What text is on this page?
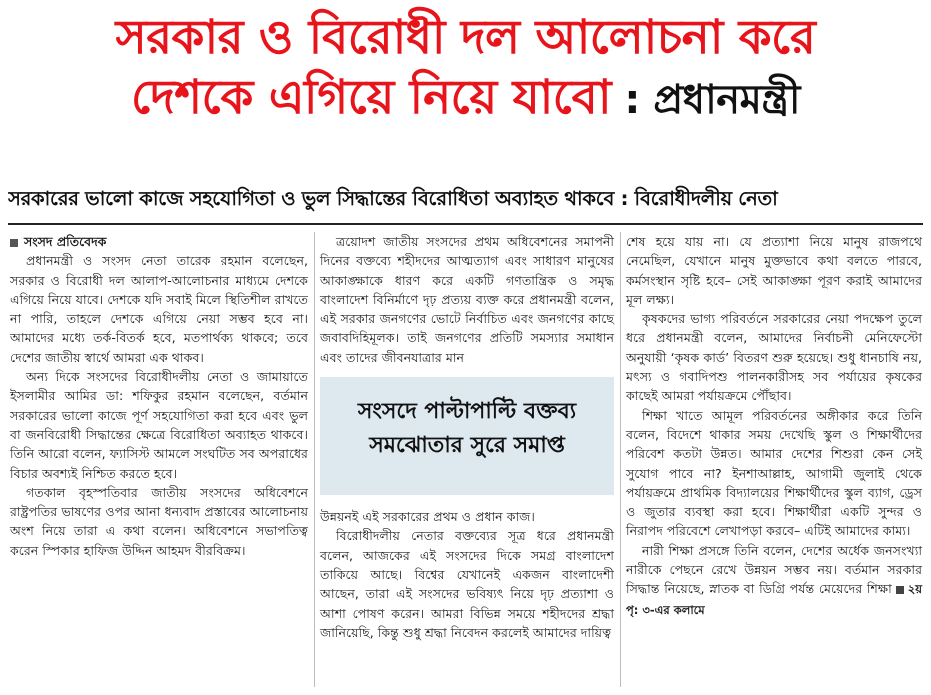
সরকার ও বিরোধী দল আলোচনা করে
দেশকে এগিয়ে নিয়ে যাবো : প্রধানমন্ত্রী
সরকারের ভালো কাজে সহযোগিতা ও ভুল সিদ্ধান্তের বিরোধিতা অব্যাহত থাকবে : বিরোধীদলীয় নেতা

সংসদ প্রতিবেদক

প্রধানমন্ত্রী ও সংসদ নেতা তারেক রহমান বলেছেন, সরকার ও বিরোধী দল আলাপ-আলোচনার মাধ্যমে দেশকে এগিয়ে নিয়ে যাবে। দেশকে যদি সবাই মিলে স্থিতিশীল রাখতে না পারি, তাহলে দেশকে এগিয়ে নেয়া সম্ভব হবে না। আমাদের মধ্যে তর্ক-বিতর্ক হবে, মতপার্থক্য থাকবে; তবে দেশের জাতীয় স্বার্থে আমরা এক থাকব।

অন্য দিকে সংসদের বিরোধীদলীয় নেতা ও জামায়াতে ইসলামীর আমির ডা: শফিকুর রহমান বলেছেন, বর্তমান সরকারের ভালো কাজে পূর্ণ সহযোগিতা করা হবে এবং ভুল বা জনবিরোধী সিদ্ধান্তের ক্ষেত্রে বিরোধিতা অব্যাহত থাকবে। তিনি আরো বলেন, ফ্যাসিস্ট আমলে সংঘটিত সব অপরাধের বিচার অবশ্যই নিশ্চিত করতে হবে।

গতকাল বৃহস্পতিবার জাতীয় সংসদের অধিবেশনে রাষ্ট্রপতির ভাষণের ওপর আনা ধন্যবাদ প্রস্তাবের আলোচনায় অংশ নিয়ে তারা এ কথা বলেন। অধিবেশনে সভাপতিত্ব করেন স্পিকার হাফিজ উদ্দিন আহমদ বীরবিক্রম।

ত্রয়োদশ জাতীয় সংসদের প্রথম অধিবেশনের সমাপনী দিনের বক্তব্যে শহীদদের আত্মত্যাগ এবং সাধারণ মানুষের আকাঙ্ক্ষাকে ধারণ করে একটি গণতান্ত্রিক ও সমৃদ্ধ বাংলাদেশ বিনির্মাণে দৃঢ় প্রত্যয় ব্যক্ত করে প্রধানমন্ত্রী বলেন, এই সরকার জনগণের ভোটে নির্বাচিত এবং জনগণের কাছে জবাবদিহিমূলক। তাই জনগণের প্রতিটি সমস্যার সমাধান এবং তাদের জীবনযাত্রার মান

সংসদে পাল্টাপাল্টি বক্তব্য
সমঝোতার সুরে সমাপ্ত

উন্নয়নই এই সরকারের প্রথম ও প্রধান কাজ।

বিরোধীদলীয় নেতার বক্তব্যের সূত্র ধরে প্রধানমন্ত্রী বলেন, আজকের এই সংসদের দিকে সমগ্র বাংলাদেশ তাকিয়ে আছে। বিশ্বের যেখানেই একজন বাংলাদেশী আছেন, তারা এই সংসদের ভবিষ্যৎ নিয়ে দৃঢ় প্রত্যাশা ও আশা পোষণ করেন। আমরা বিভিন্ন সময়ে শহীদদের শ্রদ্ধা জানিয়েছি, কিন্তু শুধু শ্রদ্ধা নিবেদন করলেই আমাদের দায়িত্ব

শেষ হয়ে যায় না। যে প্রত্যাশা নিয়ে মানুষ রাজপথে নেমেছিল, যেখানে মানুষ মুক্তভাবে কথা বলতে পারবে, কর্মসংস্থান সৃষ্টি হবে– সেই আকাঙ্ক্ষা পূরণ করাই আমাদের মূল লক্ষ্য।

কৃষকদের ভাগ্য পরিবর্তনে সরকারের নেয়া পদক্ষেপ তুলে ধরে প্রধানমন্ত্রী বলেন, আমাদের নির্বাচনী মেনিফেস্টো অনুযায়ী ‘কৃষক কার্ড’ বিতরণ শুরু হয়েছে। শুধু ধানচাষি নয়, মৎস্য ও গবাদিপশু পালনকারীসহ সব পর্যায়ের কৃষকের কাছেই আমরা পর্যায়ক্রমে পৌঁছাব।

শিক্ষা খাতে আমূল পরিবর্তনের অঙ্গীকার করে তিনি বলেন, বিদেশে থাকার সময় দেখেছি স্কুল ও শিক্ষার্থীদের পরিবেশ কতটা উন্নত। আমার দেশের শিশুরা কেন সেই সুযোগ পাবে না? ইনশাআল্লাহ, আগামী জুলাই থেকে পর্যায়ক্রমে প্রাথমিক বিদ্যালয়ের শিক্ষার্থীদের স্কুল ব্যাগ, ড্রেস ও জুতার ব্যবস্থা করা হবে। শিক্ষার্থীরা একটি সুন্দর ও নিরাপদ পরিবেশে লেখাপড়া করবে– এটিই আমাদের কাম্য।

নারী শিক্ষা প্রসঙ্গে তিনি বলেন, দেশের অর্ধেক জনসংখ্যা নারীকে পেছনে রেখে উন্নয়ন সম্ভব নয়। বর্তমান সরকার সিদ্ধান্ত নিয়েছে, স্নাতক বা ডিগ্রি পর্যন্ত মেয়েদের শিক্ষা ২য় পৃ: ৩-এর কলামে
